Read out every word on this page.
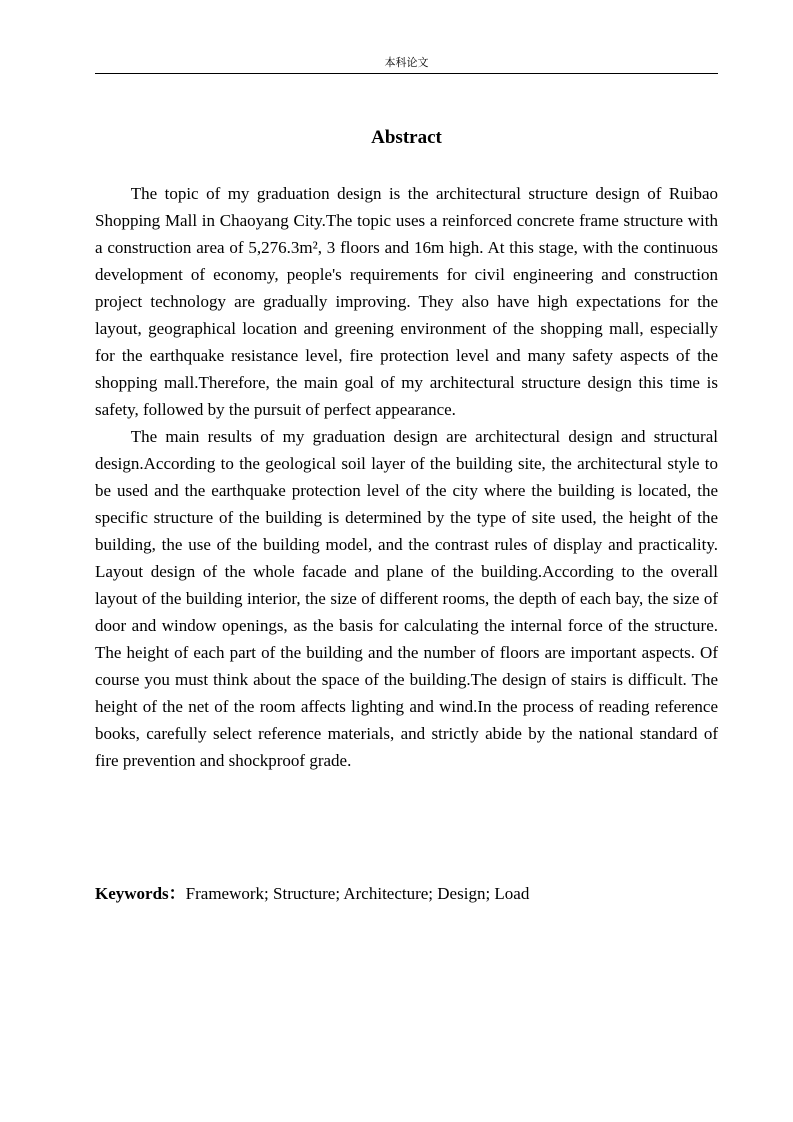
本科论文
Abstract

The topic of my graduation design is the architectural structure design of Ruibao Shopping Mall in Chaoyang City.The topic uses a reinforced concrete frame structure with a construction area of 5,276.3m², 3 floors and 16m high. At this stage, with the continuous development of economy, people's requirements for civil engineering and construction project technology are gradually improving. They also have high expectations for the layout, geographical location and greening environment of the shopping mall, especially for the earthquake resistance level, fire protection level and many safety aspects of the shopping mall.Therefore, the main goal of my architectural structure design this time is safety, followed by the pursuit of perfect appearance.

The main results of my graduation design are architectural design and structural design.According to the geological soil layer of the building site, the architectural style to be used and the earthquake protection level of the city where the building is located, the specific structure of the building is determined by the type of site used, the height of the building, the use of the building model, and the contrast rules of display and practicality. Layout design of the whole facade and plane of the building.According to the overall layout of the building interior, the size of different rooms, the depth of each bay, the size of door and window openings, as the basis for calculating the internal force of the structure. The height of each part of the building and the number of floors are important aspects. Of course you must think about the space of the building.The design of stairs is difficult. The height of the net of the room affects lighting and wind.In the process of reading reference books, carefully select reference materials, and strictly abide by the national standard of fire prevention and shockproof grade.

Keywords：Framework; Structure; Architecture; Design; Load
